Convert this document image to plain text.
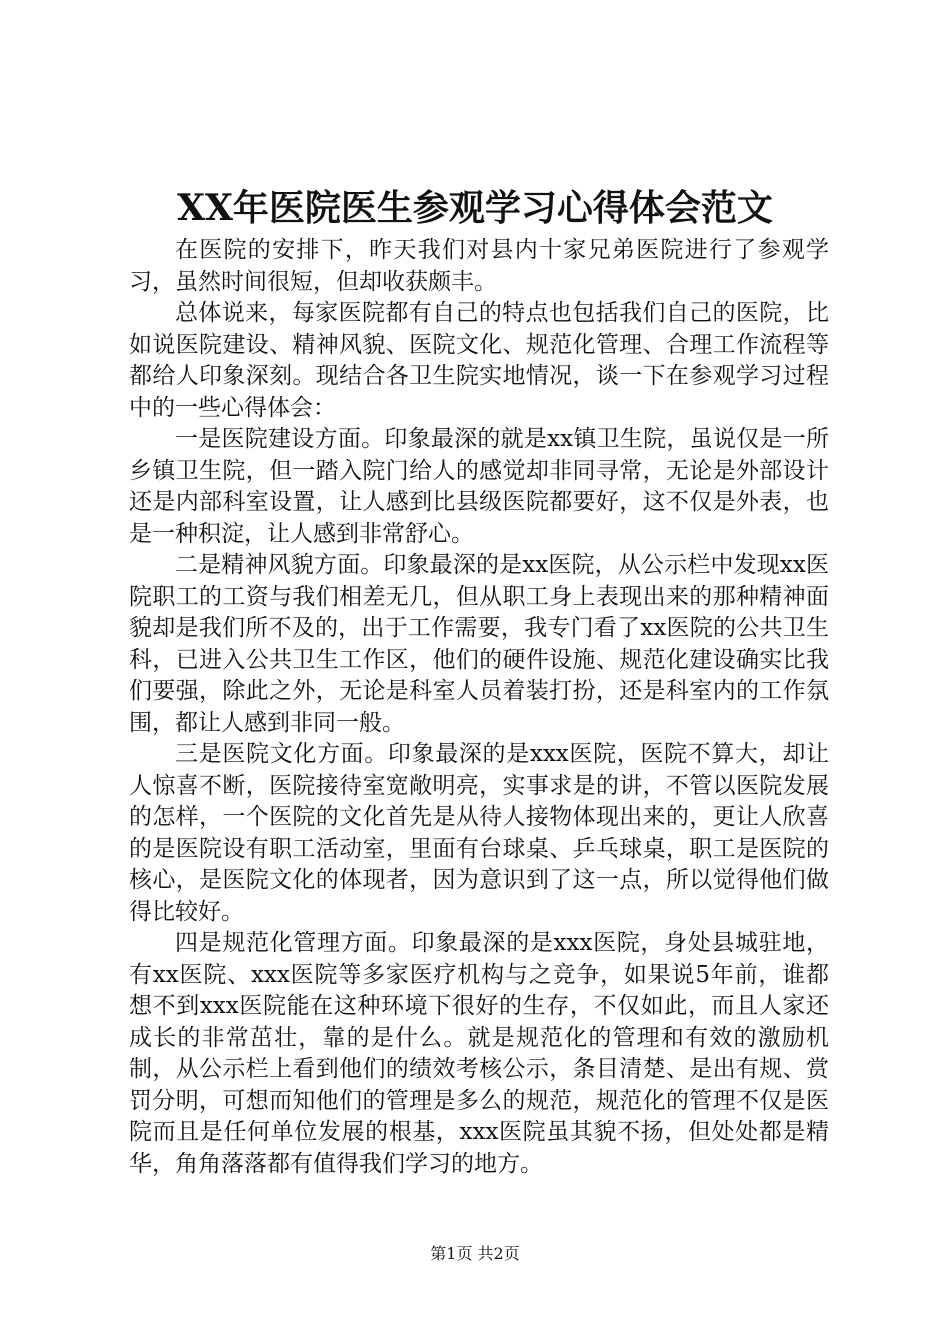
XX年医院医生参观学习心得体会范文

在医院的安排下，昨天我们对县内十家兄弟医院进行了参观学习，虽然时间很短，但却收获颇丰。

总体说来，每家医院都有自己的特点也包括我们自己的医院，比如说医院建设、精神风貌、医院文化、规范化管理、合理工作流程等都给人印象深刻。现结合各卫生院实地情况，谈一下在参观学习过程中的一些心得体会：

一是医院建设方面。印象最深的就是xx镇卫生院，虽说仅是一所乡镇卫生院，但一踏入院门给人的感觉却非同寻常，无论是外部设计还是内部科室设置，让人感到比县级医院都要好，这不仅是外表，也是一种积淀，让人感到非常舒心。

二是精神风貌方面。印象最深的是xx医院，从公示栏中发现xx医院职工的工资与我们相差无几，但从职工身上表现出来的那种精神面貌却是我们所不及的，出于工作需要，我专门看了xx医院的公共卫生科，已进入公共卫生工作区，他们的硬件设施、规范化建设确实比我们要强，除此之外，无论是科室人员着装打扮，还是科室内的工作氛围，都让人感到非同一般。

三是医院文化方面。印象最深的是xxx医院，医院不算大，却让人惊喜不断，医院接待室宽敞明亮，实事求是的讲，不管以医院发展的怎样，一个医院的文化首先是从待人接物体现出来的，更让人欣喜的是医院设有职工活动室，里面有台球桌、乒乓球桌，职工是医院的核心，是医院文化的体现者，因为意识到了这一点，所以觉得他们做得比较好。

四是规范化管理方面。印象最深的是xxx医院，身处县城驻地，有xx医院、xxx医院等多家医疗机构与之竞争，如果说5年前，谁都想不到xxx医院能在这种环境下很好的生存，不仅如此，而且人家还成长的非常茁壮，靠的是什么。就是规范化的管理和有效的激励机制，从公示栏上看到他们的绩效考核公示，条目清楚、是出有规、赏罚分明，可想而知他们的管理是多么的规范，规范化的管理不仅是医院而且是任何单位发展的根基，xxx医院虽其貌不扬，但处处都是精华，角角落落都有值得我们学习的地方。

第1页 共2页
